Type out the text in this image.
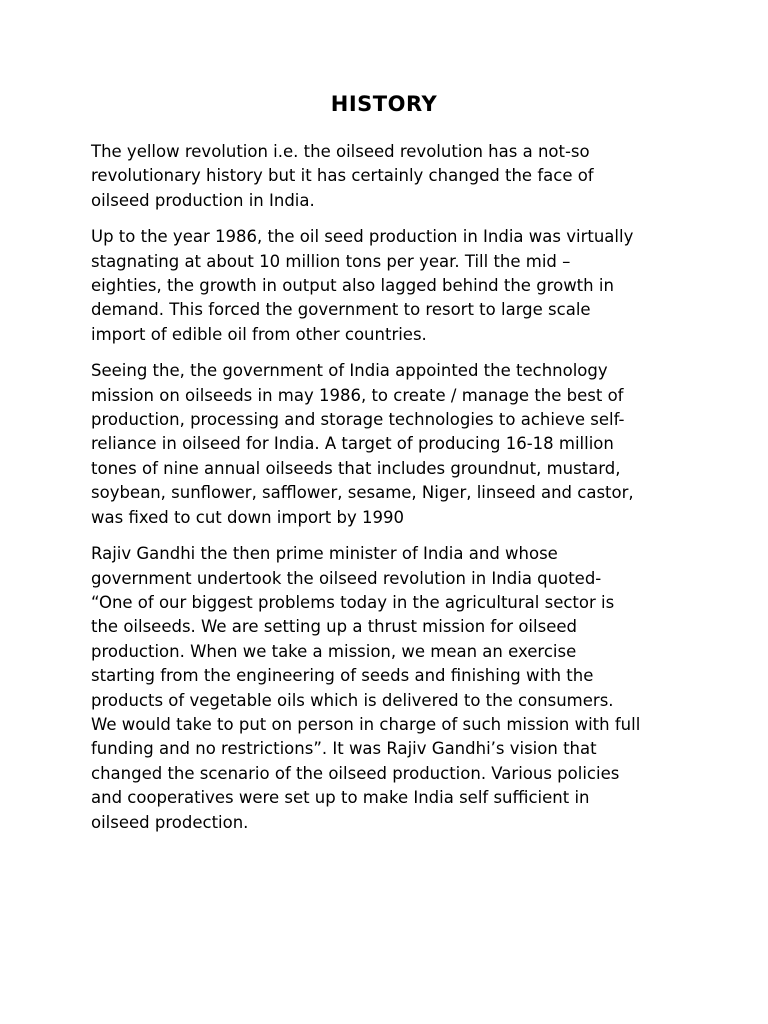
HISTORY

The yellow revolution i.e. the oilseed revolution has a not-so
revolutionary history but it has certainly changed the face of
oilseed production in India.

Up to the year 1986, the oil seed production in India was virtually
stagnating at about 10 million tons per year. Till the mid –
eighties, the growth in output also lagged behind the growth in
demand. This forced the government to resort to large scale
import of edible oil from other countries.

Seeing the, the government of India appointed the technology
mission on oilseeds in may 1986, to create / manage the best of
production, processing and storage technologies to achieve self-
reliance in oilseed for India. A target of producing 16-18 million
tones of nine annual oilseeds that includes groundnut, mustard,
soybean, sunflower, safflower, sesame, Niger, linseed and castor,
was fixed to cut down import by 1990

Rajiv Gandhi the then prime minister of India and whose
government undertook the oilseed revolution in India quoted-
“One of our biggest problems today in the agricultural sector is
the oilseeds. We are setting up a thrust mission for oilseed
production. When we take a mission, we mean an exercise
starting from the engineering of seeds and finishing with the
products of vegetable oils which is delivered to the consumers.
We would take to put on person in charge of such mission with full
funding and no restrictions”. It was Rajiv Gandhi’s vision that
changed the scenario of the oilseed production. Various policies
and cooperatives were set up to make India self sufficient in
oilseed prodection.
